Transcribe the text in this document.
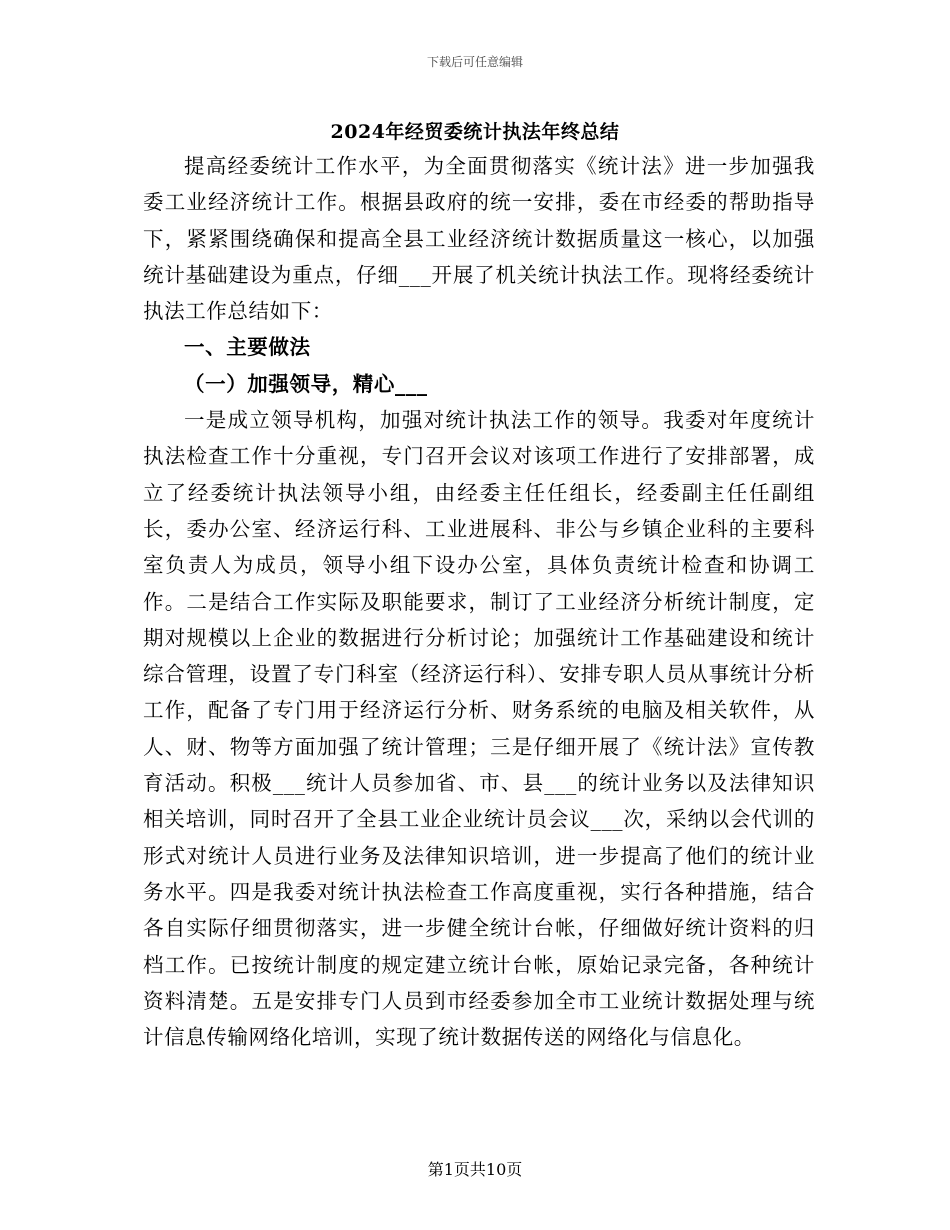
下载后可任意编辑
2024年经贸委统计执法年终总结

提高经委统计工作水平，为全面贯彻落实《统计法》进一步加强我委工业经济统计工作。根据县政府的统一安排，委在市经委的帮助指导下，紧紧围绕确保和提高全县工业经济统计数据质量这一核心，以加强统计基础建设为重点，仔细___开展了机关统计执法工作。现将经委统计执法工作总结如下：

一、主要做法

（一）加强领导，精心___

一是成立领导机构，加强对统计执法工作的领导。我委对年度统计执法检查工作十分重视，专门召开会议对该项工作进行了安排部署，成立了经委统计执法领导小组，由经委主任任组长，经委副主任任副组长，委办公室、经济运行科、工业进展科、非公与乡镇企业科的主要科室负责人为成员，领导小组下设办公室，具体负责统计检查和协调工作。二是结合工作实际及职能要求，制订了工业经济分析统计制度，定期对规模以上企业的数据进行分析讨论；加强统计工作基础建设和统计综合管理，设置了专门科室（经济运行科）、安排专职人员从事统计分析工作，配备了专门用于经济运行分析、财务系统的电脑及相关软件，从人、财、物等方面加强了统计管理；三是仔细开展了《统计法》宣传教育活动。积极___统计人员参加省、市、县___的统计业务以及法律知识相关培训，同时召开了全县工业企业统计员会议___次，采纳以会代训的形式对统计人员进行业务及法律知识培训，进一步提高了他们的统计业务水平。四是我委对统计执法检查工作高度重视，实行各种措施，结合各自实际仔细贯彻落实，进一步健全统计台帐，仔细做好统计资料的归档工作。已按统计制度的规定建立统计台帐，原始记录完备，各种统计资料清楚。五是安排专门人员到市经委参加全市工业统计数据处理与统计信息传输网络化培训，实现了统计数据传送的网络化与信息化。

第1页共10页
